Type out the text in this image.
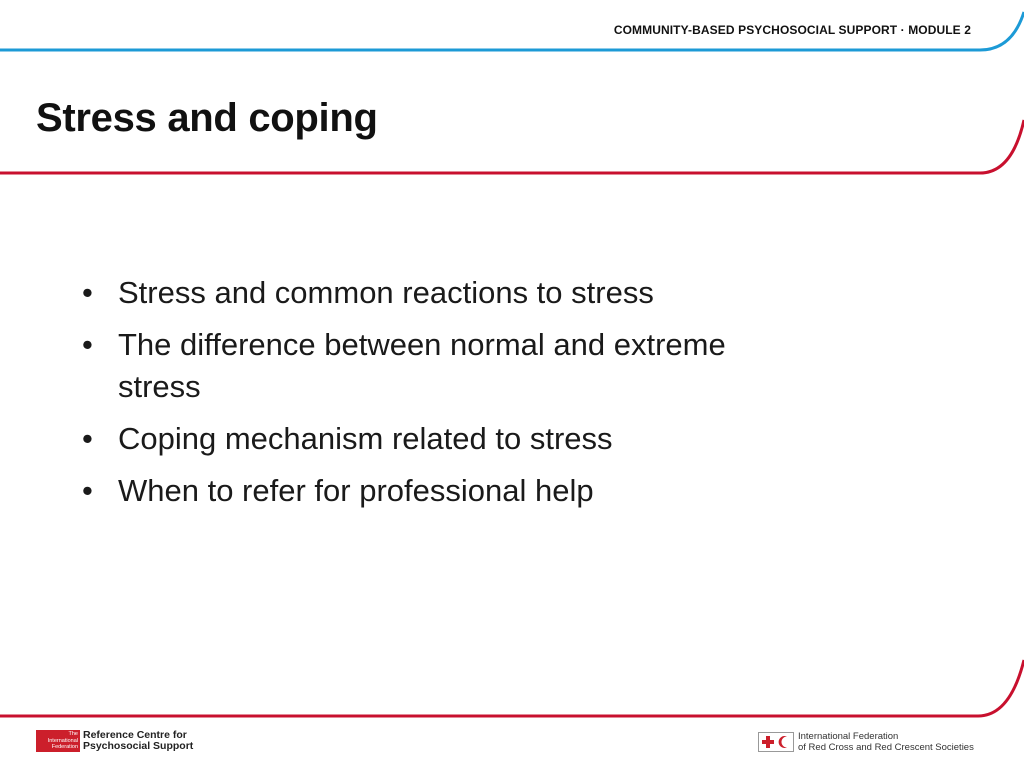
COMMUNITY-BASED PSYCHOSOCIAL SUPPORT · MODULE 2
Stress and coping
• Stress and common reactions to stress
• The difference between normal and extreme stress
• Coping mechanism related to stress
• When to refer for professional help
The
International
Federation
Reference Centre for
Psychosocial Support
International Federation
of Red Cross and Red Crescent Societies
